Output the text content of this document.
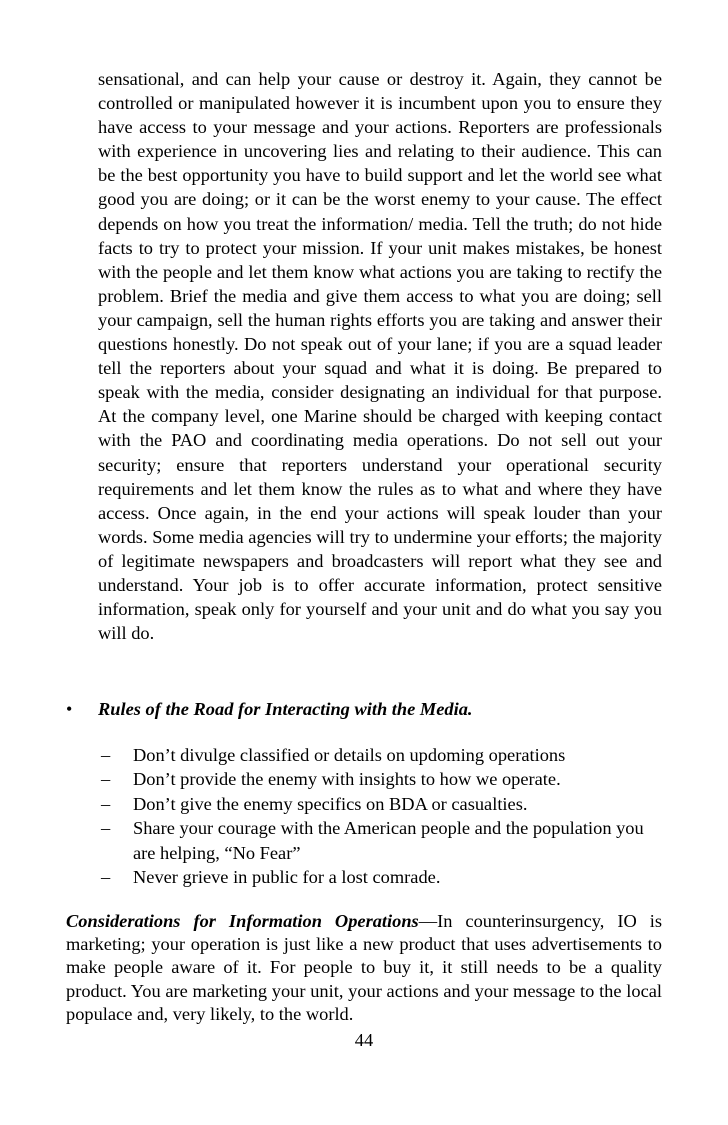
sensational, and can help your cause or destroy it. Again, they cannot be controlled or manipulated however it is incumbent upon you to ensure they have access to your message and your actions. Reporters are professionals with experience in uncovering lies and relating to their audience. This can be the best opportunity you have to build support and let the world see what good you are doing; or it can be the worst enemy to your cause. The effect depends on how you treat the information/ media. Tell the truth; do not hide facts to try to protect your mission. If your unit makes mistakes, be honest with the people and let them know what actions you are taking to rectify the problem. Brief the media and give them access to what you are doing; sell your campaign, sell the human rights efforts you are taking and answer their questions honestly. Do not speak out of your lane; if you are a squad leader tell the reporters about your squad and what it is doing. Be prepared to speak with the media, consider designating an individual for that purpose. At the company level, one Marine should be charged with keeping contact with the PAO and coordinating media operations. Do not sell out your security; ensure that reporters understand your operational security requirements and let them know the rules as to what and where they have access. Once again, in the end your actions will speak louder than your words. Some media agencies will try to undermine your efforts; the majority of legitimate newspapers and broadcasters will report what they see and understand. Your job is to offer accurate information, protect sensitive information, speak only for yourself and your unit and do what you say you will do.

• Rules of the Road for Interacting with the Media.
– Don’t divulge classified or details on updoming operations
– Don’t provide the enemy with insights to how we operate.
– Don’t give the enemy specifics on BDA or casualties.
– Share your courage with the American people and the population you are helping, “No Fear”
– Never grieve in public for a lost comrade.

Considerations for Information Operations—In counterinsurgency, IO is marketing; your operation is just like a new product that uses advertisements to make people aware of it. For people to buy it, it still needs to be a quality product. You are marketing your unit, your actions and your message to the local populace and, very likely, to the world.

44
